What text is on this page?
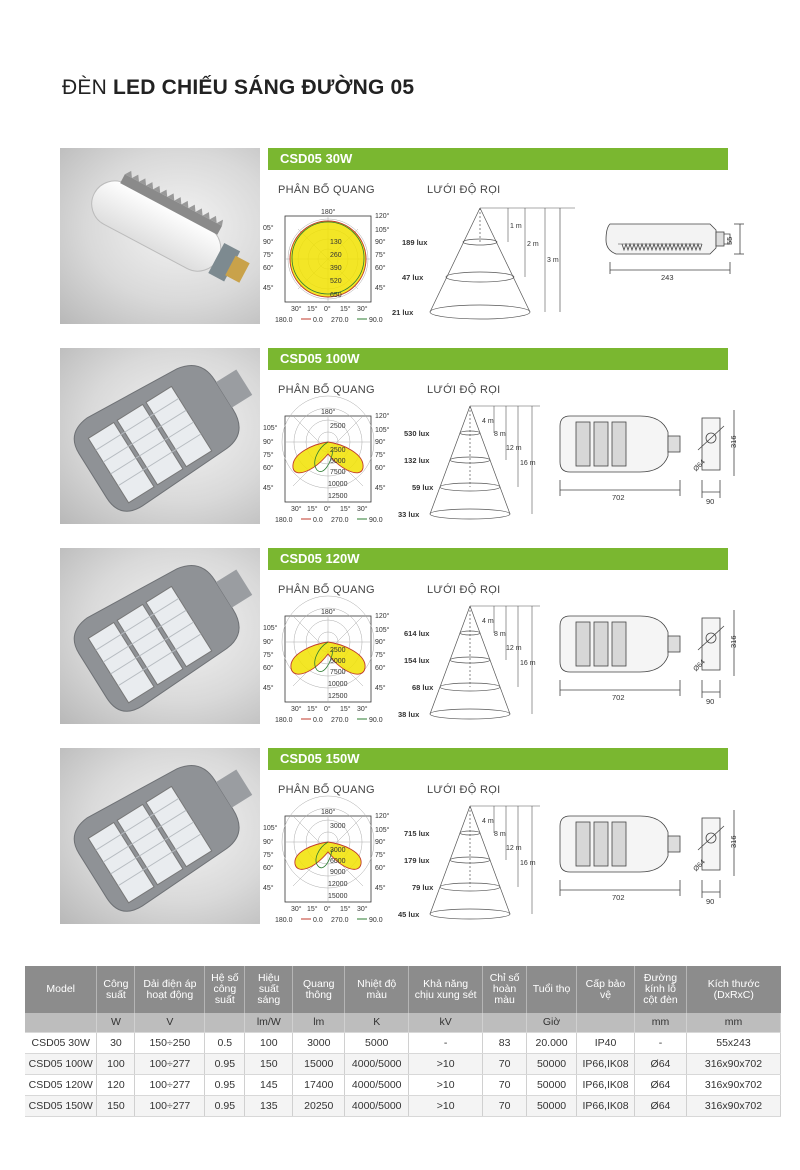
ĐÈN LED CHIẾU SÁNG ĐƯỜNG 05
CSD05 30W
PHÂN BỐ QUANG	LƯỚI ĐỘ RỌI
180°
05°
90°
75°
60°
45°
120°
105°
90°
75°
60°
45°
130
260
390
520
650
30° 15° 0° 15° 30°
180.0	0.0 270.0	90.0
189 lux
47 lux
21 lux
1 m
2 m
3 m
243
55
CSD05 100W
PHÂN BỐ QUANG	LƯỚI ĐỘ RỌI
180°
105°
90°
75°
60°
45°
120°
105°
90°
75°
60°
45°
2500
2500
5000
7500
10000
12500
30° 15° 0° 15° 30°
180.0	0.0 270.0	90.0
530 lux
132 lux
59 lux
33 lux
4 m
8 m
12 m
16 m
702	90
316
Ø64
CSD05 120W
PHÂN BỐ QUANG	LƯỚI ĐỘ RỌI
180°
105°
90°
75°
60°
45°
120°
105°
90°
75°
60°
45°
2500
5000
7500
10000
12500
30° 15° 0° 15° 30°
180.0	0.0 270.0	90.0
614 lux
154 lux
68 lux
38 lux
4 m
8 m
12 m
16 m
702	90
316
Ø64
CSD05 150W
PHÂN BỐ QUANG	LƯỚI ĐỘ RỌI
180°
105°
90°
75°
60°
45°
120°
105°
90°
75°
60°
45°
3000
3000
6000
9000
12000
15000
30° 15° 0° 15° 30°
180.0	0.0 270.0	90.0
715 lux
179 lux
79 lux
45 lux
4 m
8 m
12 m
16 m
702	90
316
Ø64
Model	Công suất	Dải điện áp hoạt động	Hệ số công suất	Hiệu suất sáng	Quang thông	Nhiệt độ màu	Khả năng chịu xung sét	Chỉ số hoàn màu	Tuổi thọ	Cấp bảo vệ	Đường kính lỗ cột đèn	Kích thước (DxRxC)
	W	V		lm/W	lm	K	kV		Giờ		mm	mm
CSD05 30W	30	150÷250	0.5	100	3000	5000	-	83	20.000	IP40	-	55x243
CSD05 100W	100	100÷277	0.95	150	15000	4000/5000	>10	70	50000	IP66,IK08	Ø64	316x90x702
CSD05 120W	120	100÷277	0.95	145	17400	4000/5000	>10	70	50000	IP66,IK08	Ø64	316x90x702
CSD05 150W	150	100÷277	0.95	135	20250	4000/5000	>10	70	50000	IP66,IK08	Ø64	316x90x702
